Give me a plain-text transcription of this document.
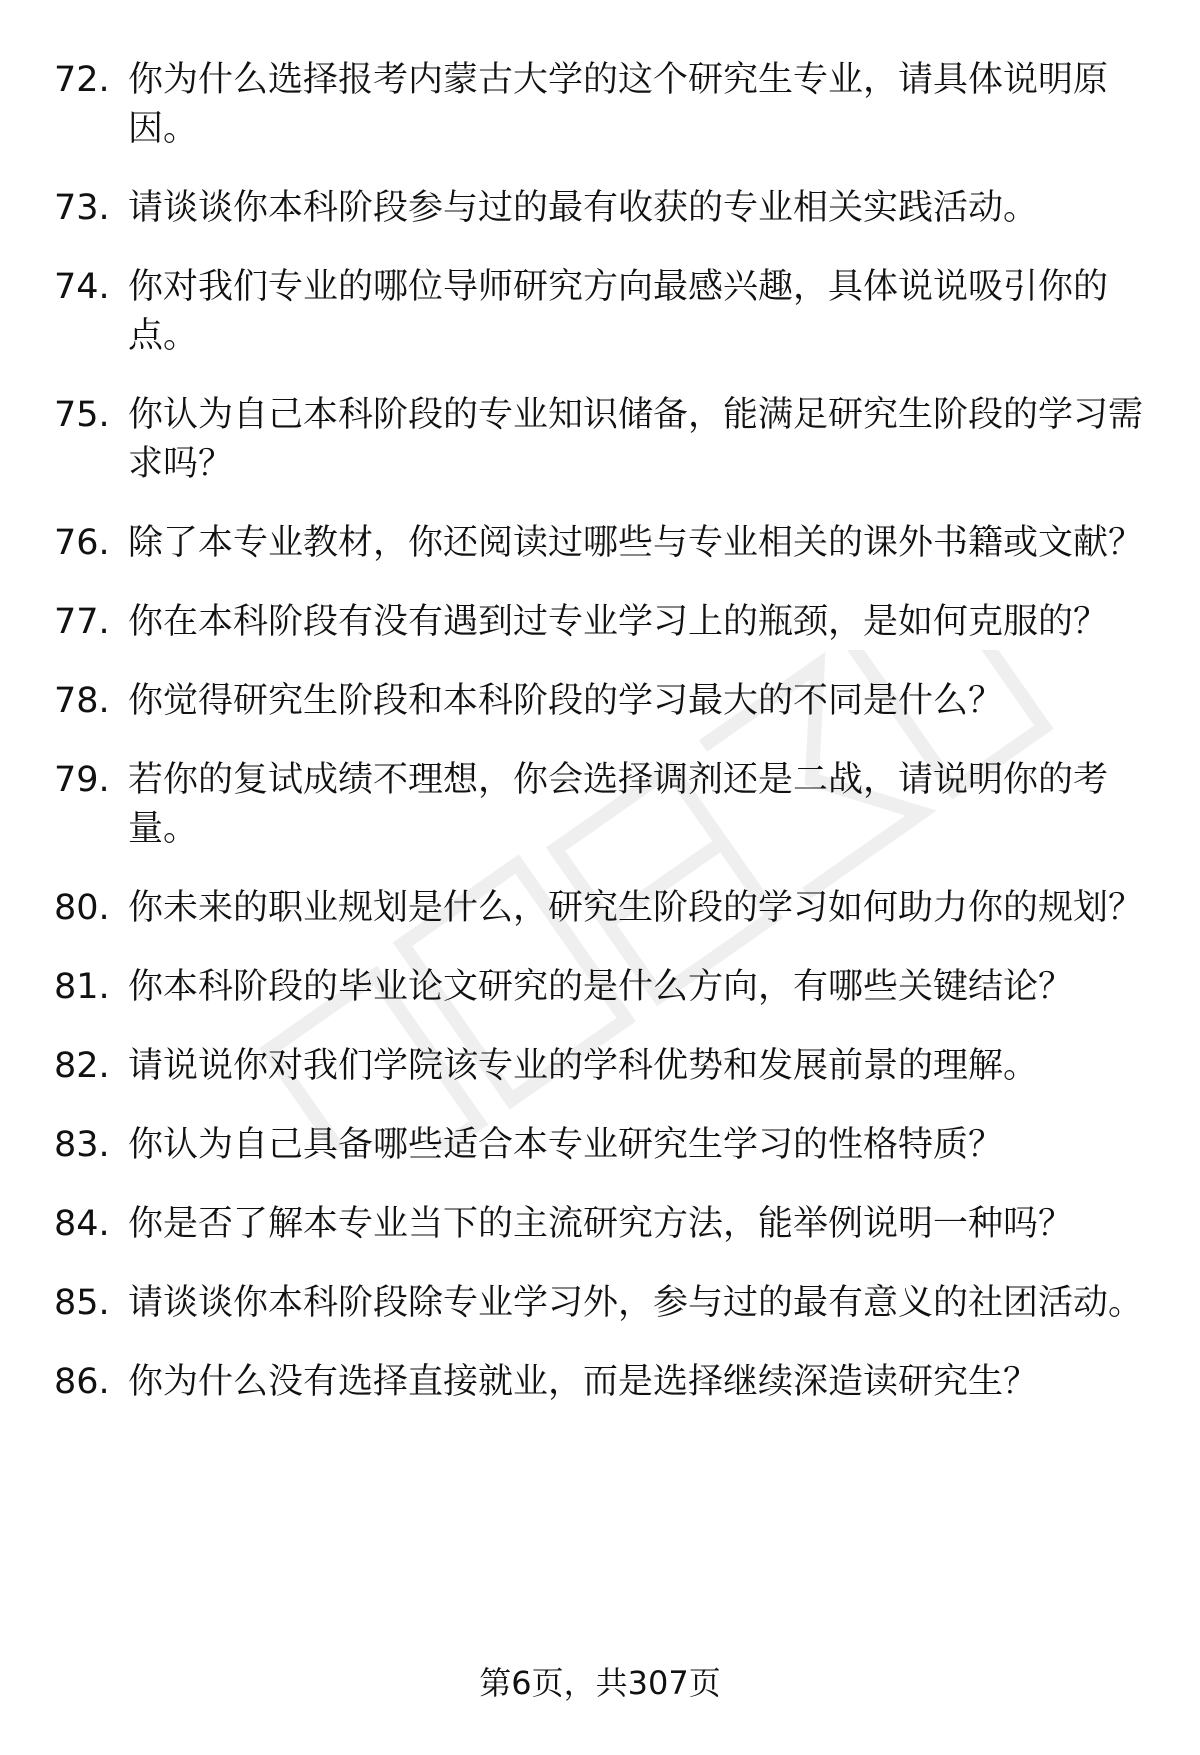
72. 你为什么选择报考内蒙古大学的这个研究生专业，请具体说明原因。
73. 请谈谈你本科阶段参与过的最有收获的专业相关实践活动。
74. 你对我们专业的哪位导师研究方向最感兴趣，具体说说吸引你的点。
75. 你认为自己本科阶段的专业知识储备，能满足研究生阶段的学习需求吗？
76. 除了本专业教材，你还阅读过哪些与专业相关的课外书籍或文献？
77. 你在本科阶段有没有遇到过专业学习上的瓶颈，是如何克服的？
78. 你觉得研究生阶段和本科阶段的学习最大的不同是什么？
79. 若你的复试成绩不理想，你会选择调剂还是二战，请说明你的考量。
80. 你未来的职业规划是什么，研究生阶段的学习如何助力你的规划？
81. 你本科阶段的毕业论文研究的是什么方向，有哪些关键结论？
82. 请说说你对我们学院该专业的学科优势和发展前景的理解。
83. 你认为自己具备哪些适合本专业研究生学习的性格特质？
84. 你是否了解本专业当下的主流研究方法，能举例说明一种吗？
85. 请谈谈你本科阶段除专业学习外，参与过的最有意义的社团活动。
86. 你为什么没有选择直接就业，而是选择继续深造读研究生？
第6页，共307页
